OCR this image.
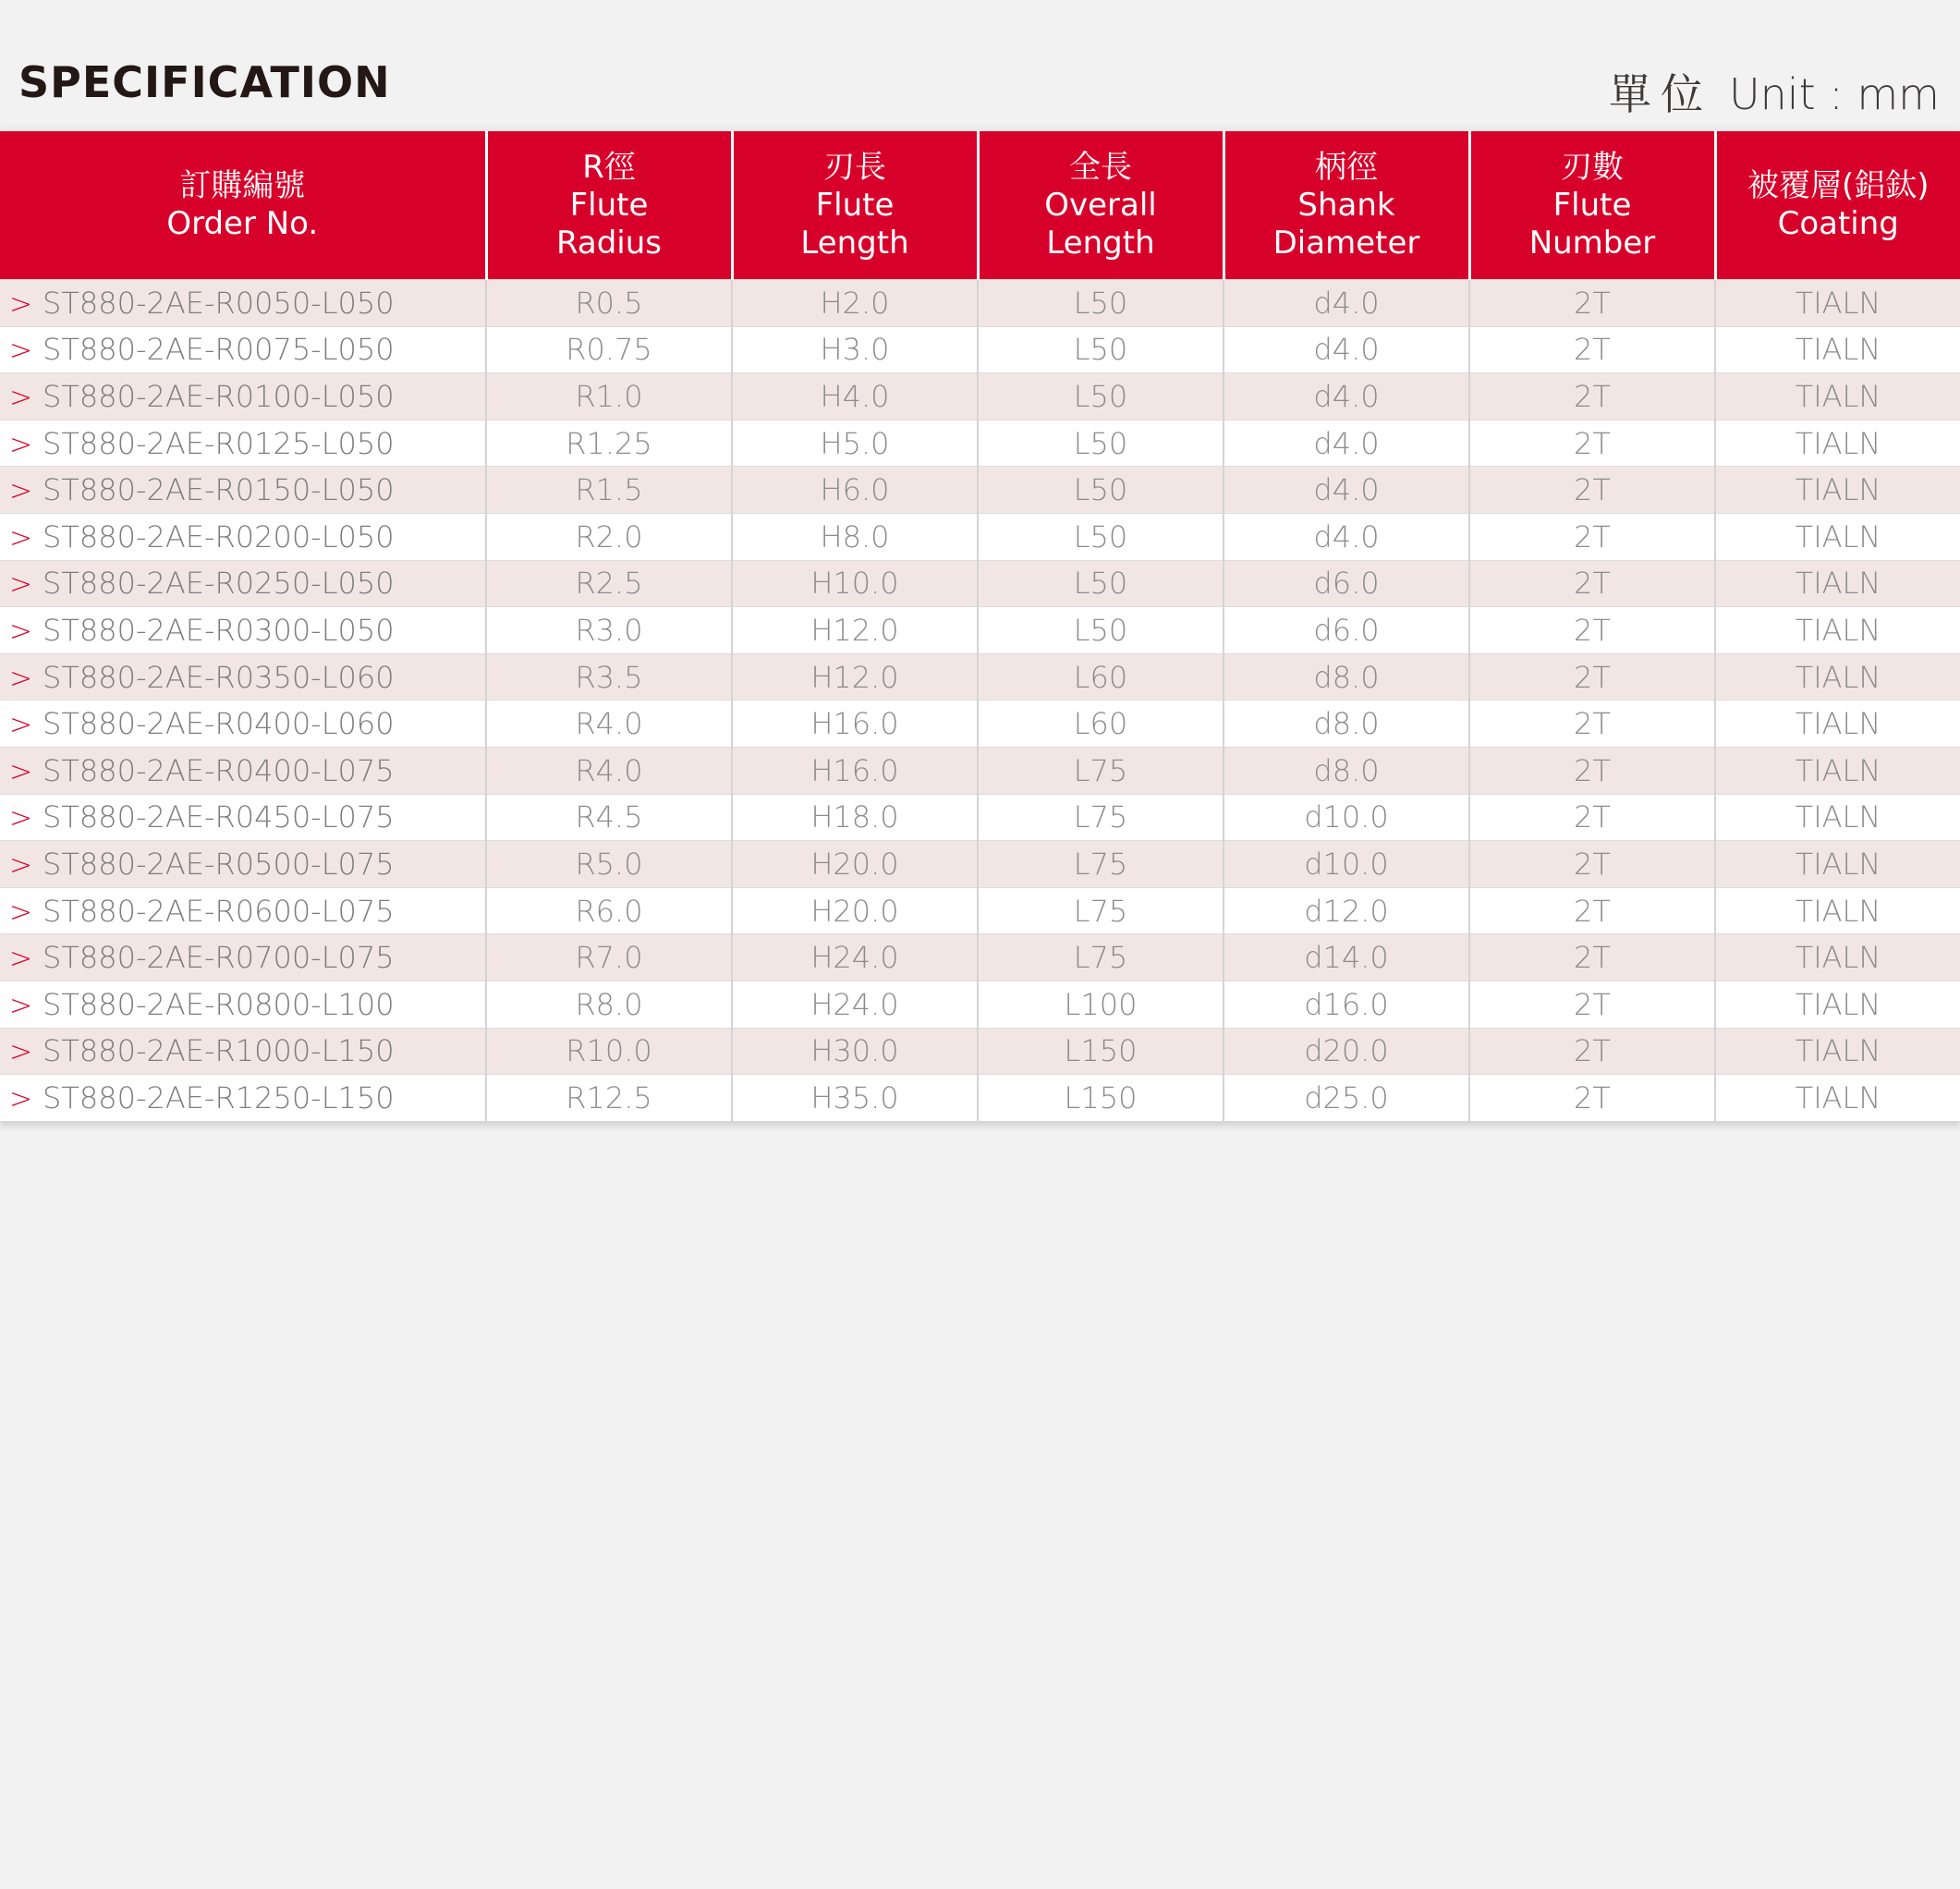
SPECIFICATION	單位 Unit : mm
訂購編號
Order No.	R徑
Flute
Radius	刃長
Flute
Length	全長
Overall
Length	柄徑
Shank
Diameter	刃數
Flute
Number	被覆層(鋁鈦)
Coating

> ST880-2AE-R0050-L050	R0.5	H2.0	L50	d4.0	2T	TIALN
> ST880-2AE-R0075-L050	R0.75	H3.0	L50	d4.0	2T	TIALN
> ST880-2AE-R0100-L050	R1.0	H4.0	L50	d4.0	2T	TIALN
> ST880-2AE-R0125-L050	R1.25	H5.0	L50	d4.0	2T	TIALN
> ST880-2AE-R0150-L050	R1.5	H6.0	L50	d4.0	2T	TIALN
> ST880-2AE-R0200-L050	R2.0	H8.0	L50	d4.0	2T	TIALN
> ST880-2AE-R0250-L050	R2.5	H10.0	L50	d6.0	2T	TIALN
> ST880-2AE-R0300-L050	R3.0	H12.0	L50	d6.0	2T	TIALN
> ST880-2AE-R0350-L060	R3.5	H12.0	L60	d8.0	2T	TIALN
> ST880-2AE-R0400-L060	R4.0	H16.0	L60	d8.0	2T	TIALN
> ST880-2AE-R0400-L075	R4.0	H16.0	L75	d8.0	2T	TIALN
> ST880-2AE-R0450-L075	R4.5	H18.0	L75	d10.0	2T	TIALN
> ST880-2AE-R0500-L075	R5.0	H20.0	L75	d10.0	2T	TIALN
> ST880-2AE-R0600-L075	R6.0	H20.0	L75	d12.0	2T	TIALN
> ST880-2AE-R0700-L075	R7.0	H24.0	L75	d14.0	2T	TIALN
> ST880-2AE-R0800-L100	R8.0	H24.0	L100	d16.0	2T	TIALN
> ST880-2AE-R1000-L150	R10.0	H30.0	L150	d20.0	2T	TIALN
> ST880-2AE-R1250-L150	R12.5	H35.0	L150	d25.0	2T	TIALN
